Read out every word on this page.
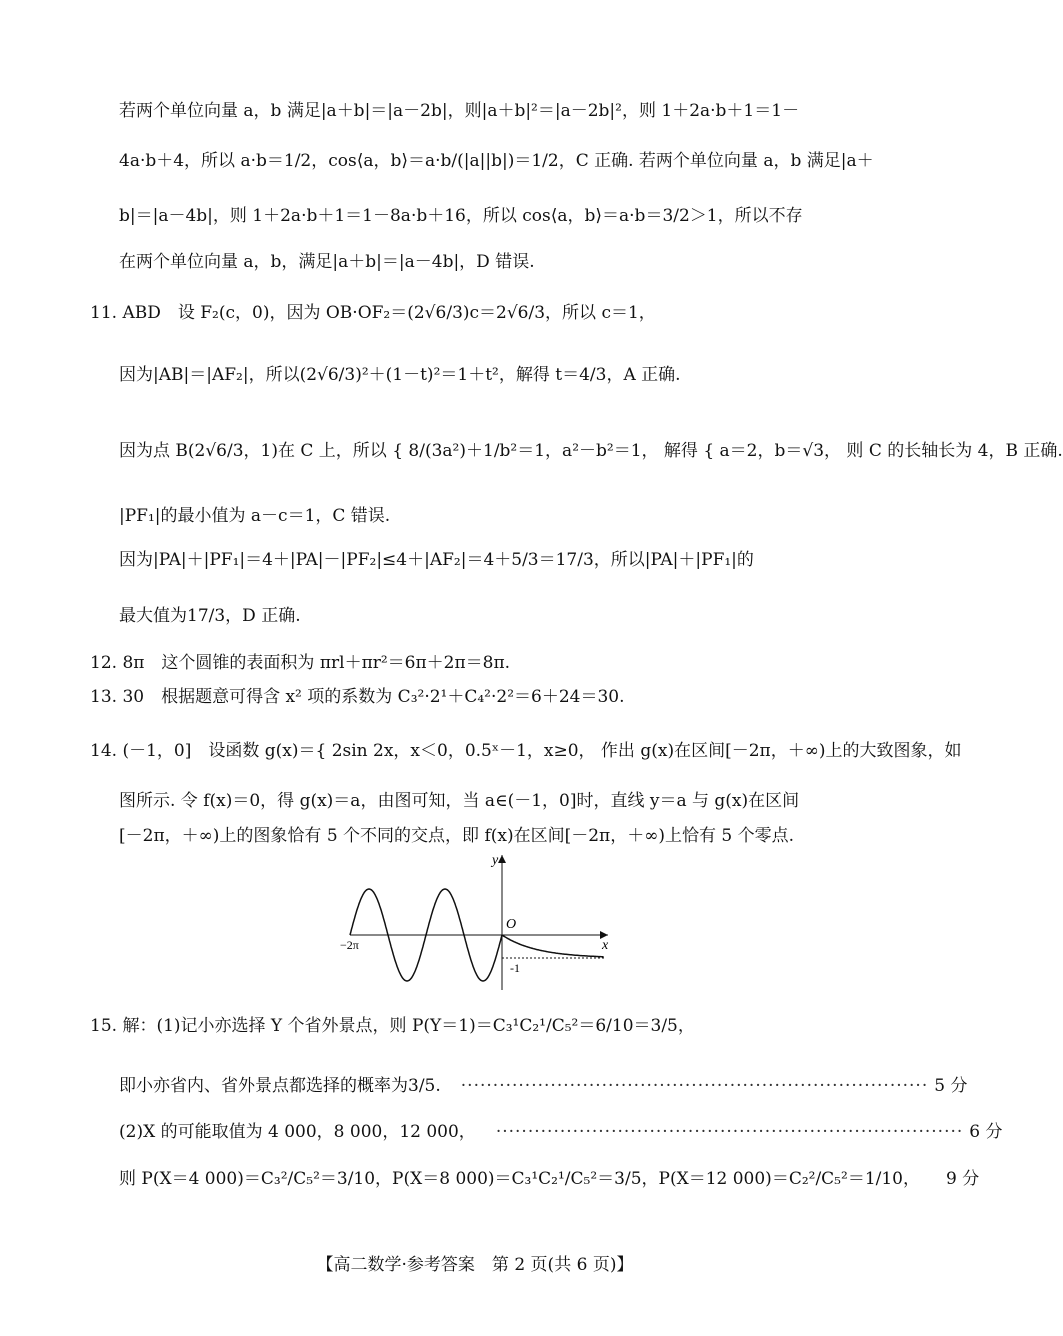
若两个单位向量 a，b 满足|a＋b|＝|a－2b|，则|a＋b|²＝|a－2b|²，则 1＋2a·b＋1＝1－
4a·b＋4，所以 a·b＝1/2，cos⟨a，b⟩＝a·b/(|a||b|)＝1/2，C 正确. 若两个单位向量 a，b 满足|a＋
b|＝|a－4b|，则 1＋2a·b＋1＝1－8a·b＋16，所以 cos⟨a，b⟩＝a·b＝3/2＞1，所以不存
在两个单位向量 a，b，满足|a＋b|＝|a－4b|，D 错误.
11. ABD　设 F₂(c，0)，因为 OB·OF₂＝(2√6/3)c＝2√6/3，所以 c＝1，
因为|AB|＝|AF₂|，所以(2√6/3)²＋(1－t)²＝1＋t²，解得 t＝4/3，A 正确.
因为点 B(2√6/3，1)在 C 上，所以 { 8/(3a²)＋1/b²＝1，a²－b²＝1， 解得 { a＝2，b＝√3， 则 C 的长轴长为 4，B 正确.
|PF₁|的最小值为 a－c＝1，C 错误.
因为|PA|＋|PF₁|＝4＋|PA|－|PF₂|≤4＋|AF₂|＝4＋5/3＝17/3，所以|PA|＋|PF₁|的
最大值为17/3，D 正确.
12. 8π　这个圆锥的表面积为 πrl＋πr²＝6π＋2π＝8π.
13. 30　根据题意可得含 x² 项的系数为 C₃²·2¹＋C₄²·2²＝6＋24＝30.
14. (－1，0]　设函数 g(x)＝{ 2sin 2x，x＜0，0.5ˣ－1，x≥0， 作出 g(x)在区间[－2π，＋∞)上的大致图象，如
图所示. 令 f(x)＝0，得 g(x)＝a，由图可知，当 a∈(－1，0]时，直线 y＝a 与 g(x)在区间
[－2π，＋∞)上的图象恰有 5 个不同的交点，即 f(x)在区间[－2π，＋∞)上恰有 5 个零点.
y
x
O
−2π
-1
15. 解：(1)记小亦选择 Y 个省外景点，则 P(Y＝1)＝C₃¹C₂¹/C₅²＝6/10＝3/5，
即小亦省内、省外景点都选择的概率为3/5. ········································································· 5 分
(2)X 的可能取值为 4 000，8 000，12 000， ········································································· 6 分
则 P(X＝4 000)＝C₃²/C₅²＝3/10，P(X＝8 000)＝C₃¹C₂¹/C₅²＝3/5，P(X＝12 000)＝C₂²/C₅²＝1/10， 9 分
【高二数学·参考答案　第 2 页(共 6 页)】
